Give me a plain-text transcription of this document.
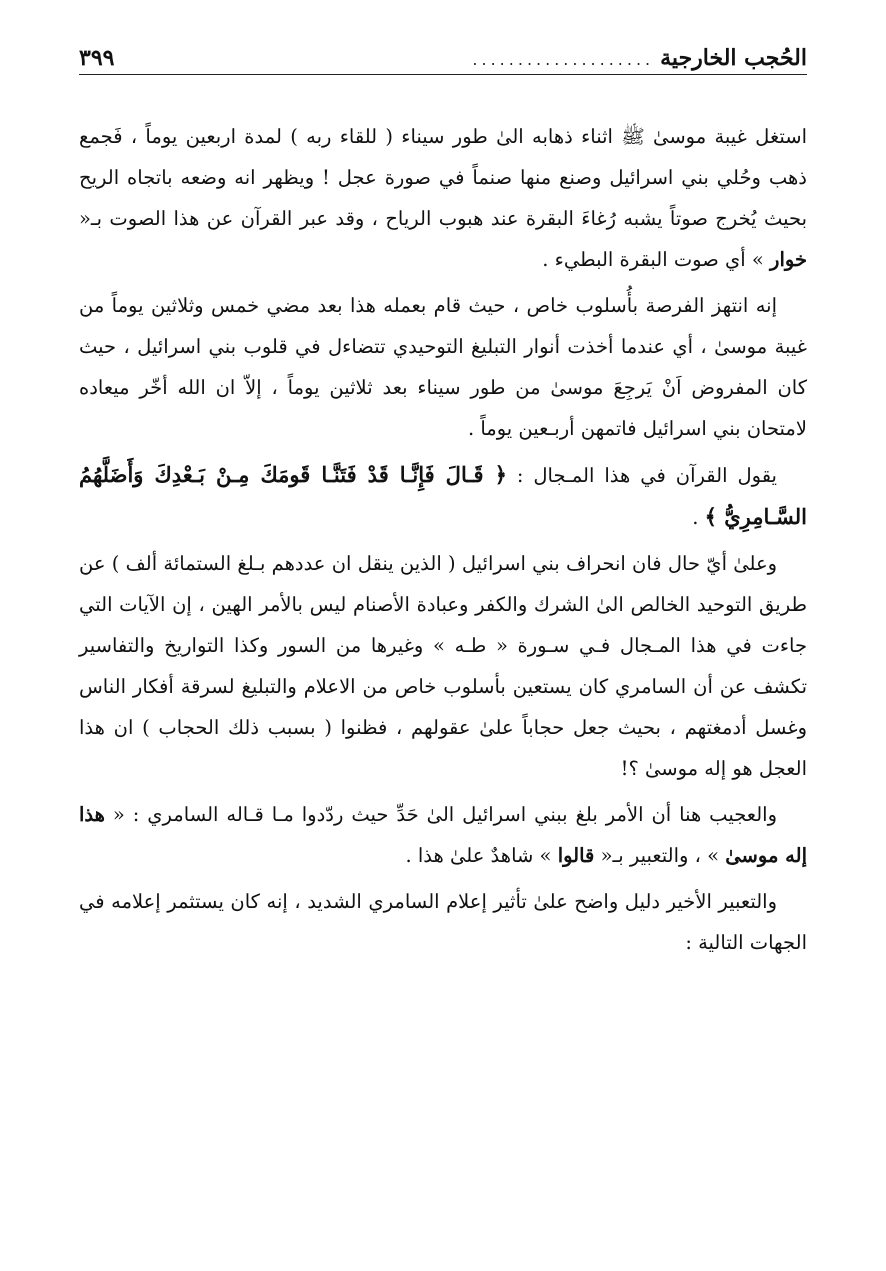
الحُجب الخارجية
....................
٣٩٩

استغل غيبة موسىٰ ﷺ اثناء ذهابه الىٰ طور سيناء ( للقاء ربه ) لمدة اربعين يوماً ، فَجمع ذهب وحُلي بني اسرائيل وصنع منها صنماً في صورة عجل ! ويظهر انه وضعه باتجاه الريح بحيث يُخرج صوتاً يشبه رُغاءَ البقرة عند هبوب الرياح ، وقد عبر القرآن عن هذا الصوت بـ« خوار » أي صوت البقرة البطيء .

إنه انتهز الفرصة بأُسلوب خاص ، حيث قام بعمله هذا بعد مضي خمس وثلاثين يوماً من غيبة موسىٰ ، أي عندما أخذت أنوار التبليغ التوحيدي تتضاءل في قلوب بني اسرائيل ، حيث كان المفروض اَنْ يَرجِعَ موسىٰ من طور سيناء بعد ثلاثين يوماً ، إلاّ ان الله أخّر ميعاده لامتحان بني اسرائيل فاتمهن أربـعين يوماً .

يقول القرآن في هذا المـجال : ﴿ قَـالَ فَإِنَّـا قَدْ فَتَنَّـا قَومَكَ مِـنْ بَـعْدِكَ وَأَضَلَّهُمُ السَّـامِرِيُّ ﴾ .

وعلىٰ أيّ حال فان انحراف بني اسرائيل ( الذين ينقل ان عددهم بـلغ الستمائة ألف ) عن طريق التوحيد الخالص الىٰ الشرك والكفر وعبادة الأصنام ليس بالأمر الهين ، إن الآيات التي جاءت في هذا المـجال فـي سـورة « طـه » وغيرها من السور وكذا التواريخ والتفاسير تكشف عن أن السامري كان يستعين بأسلوب خاص من الاعلام والتبليغ لسرقة أفكار الناس وغسل أدمغتهم ، بحيث جعل حجاباً علىٰ عقولهم ، فظنوا ( بسبب ذلك الحجاب ) ان هذا العجل هو إله موسىٰ ؟!

والعجيب هنا أن الأمر بلغ ببني اسرائيل الىٰ حَدِّ حيث ردّدوا مـا قـاله السامري : « هذا إله موسىٰ » ، والتعبير بـ« قالوا » شاهدٌ علىٰ هذا .

والتعبير الأخير دليل واضح علىٰ تأثير إعلام السامري الشديد ، إنه كان يستثمر إعلامه في الجهات التالية :
